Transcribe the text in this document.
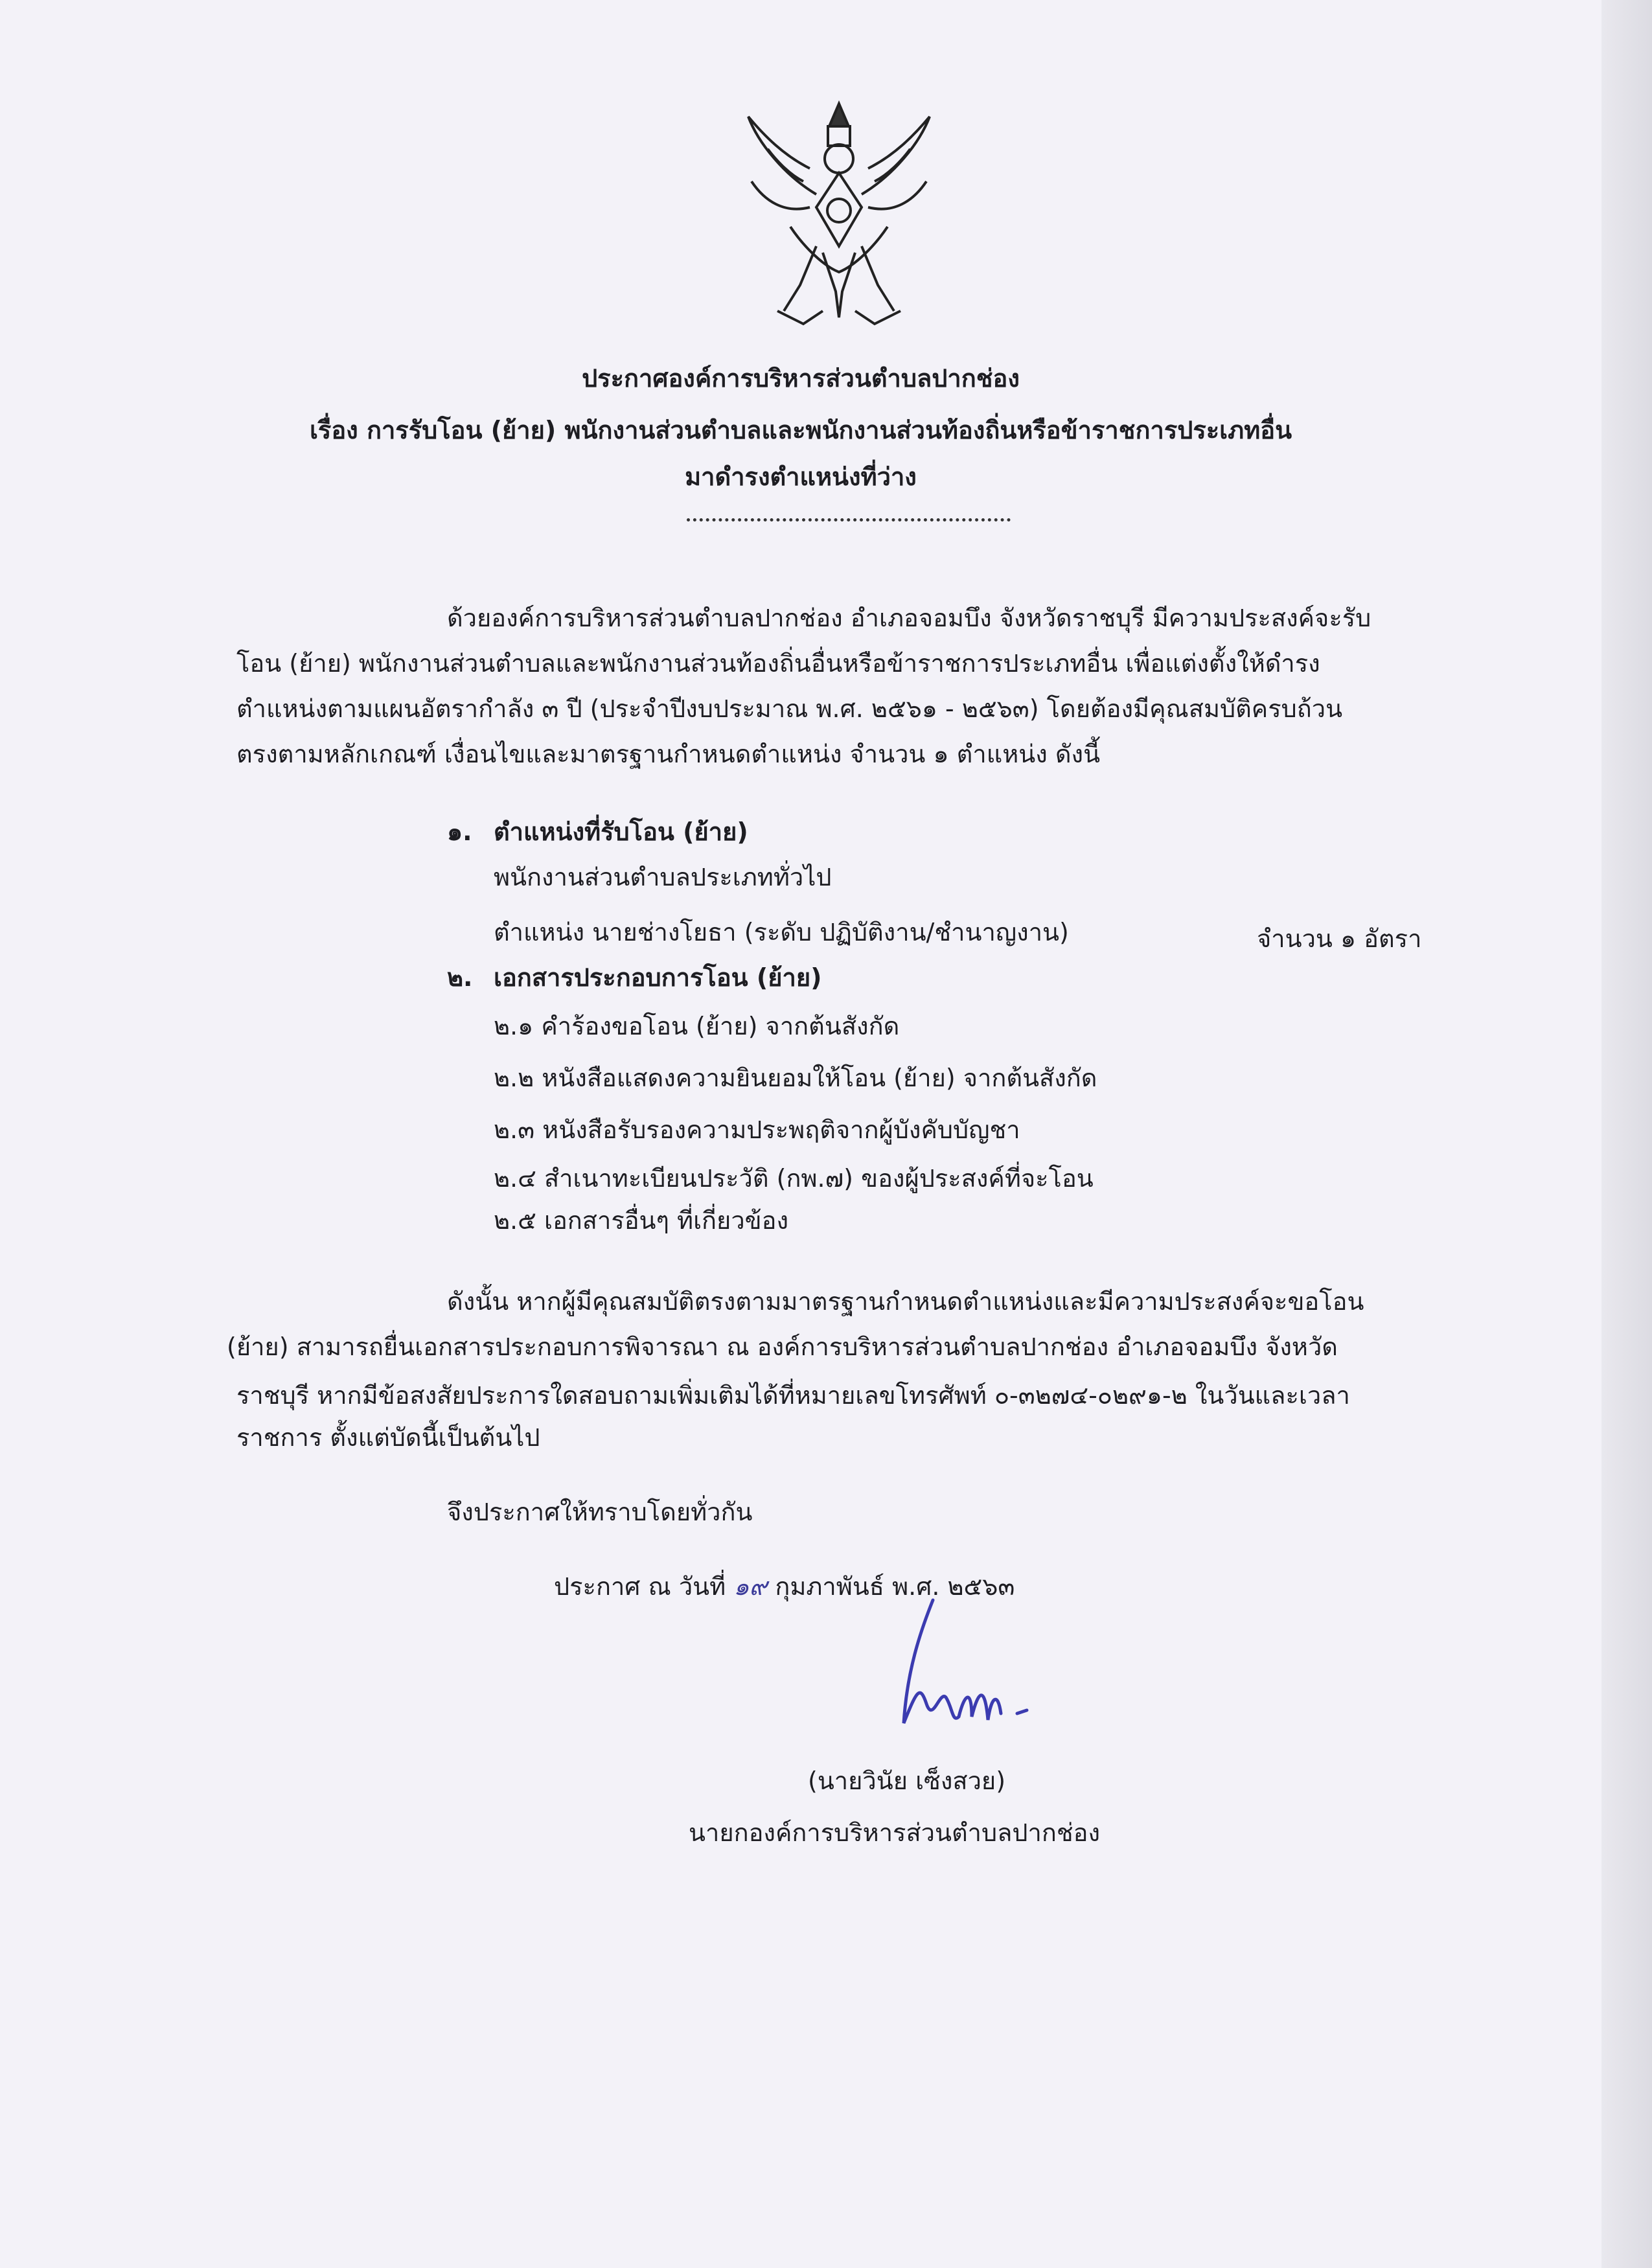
ประกาศองค์การบริหารส่วนตำบลปากช่อง
เรื่อง การรับโอน (ย้าย) พนักงานส่วนตำบลและพนักงานส่วนท้องถิ่นหรือข้าราชการประเภทอื่น
มาดำรงตำแหน่งที่ว่าง
ด้วยองค์การบริหารส่วนตำบลปากช่อง อำเภอจอมบึง จังหวัดราชบุรี มีความประสงค์จะรับ
โอน (ย้าย) พนักงานส่วนตำบลและพนักงานส่วนท้องถิ่นอื่นหรือข้าราชการประเภทอื่น เพื่อแต่งตั้งให้ดำรง
ตำแหน่งตามแผนอัตรากำลัง ๓ ปี (ประจำปีงบประมาณ พ.ศ. ๒๕๖๑ - ๒๕๖๓) โดยต้องมีคุณสมบัติครบถ้วน
ตรงตามหลักเกณฑ์ เงื่อนไขและมาตรฐานกำหนดตำแหน่ง จำนวน ๑ ตำแหน่ง ดังนี้
๑. ตำแหน่งที่รับโอน (ย้าย)
พนักงานส่วนตำบลประเภททั่วไป
ตำแหน่ง นายช่างโยธา (ระดับ ปฏิบัติงาน/ชำนาญงาน)	จำนวน ๑ อัตรา
๒. เอกสารประกอบการโอน (ย้าย)
๒.๑ คำร้องขอโอน (ย้าย) จากต้นสังกัด
๒.๒ หนังสือแสดงความยินยอมให้โอน (ย้าย) จากต้นสังกัด
๒.๓ หนังสือรับรองความประพฤติจากผู้บังคับบัญชา
๒.๔ สำเนาทะเบียนประวัติ (กพ.๗) ของผู้ประสงค์ที่จะโอน
๒.๕ เอกสารอื่นๆ ที่เกี่ยวข้อง
ดังนั้น หากผู้มีคุณสมบัติตรงตามมาตรฐานกำหนดตำแหน่งและมีความประสงค์จะขอโอน
(ย้าย) สามารถยื่นเอกสารประกอบการพิจารณา ณ องค์การบริหารส่วนตำบลปากช่อง อำเภอจอมบึง จังหวัด
ราชบุรี หากมีข้อสงสัยประการใดสอบถามเพิ่มเติมได้ที่หมายเลขโทรศัพท์ ๐-๓๒๗๔-๐๒๙๑-๒ ในวันและเวลา
ราชการ ตั้งแต่บัดนี้เป็นต้นไป
จึงประกาศให้ทราบโดยทั่วกัน
ประกาศ ณ วันที่ ๑๙ กุมภาพันธ์ พ.ศ. ๒๕๖๓
(นายวินัย เซ็งสวย)
นายกองค์การบริหารส่วนตำบลปากช่อง
